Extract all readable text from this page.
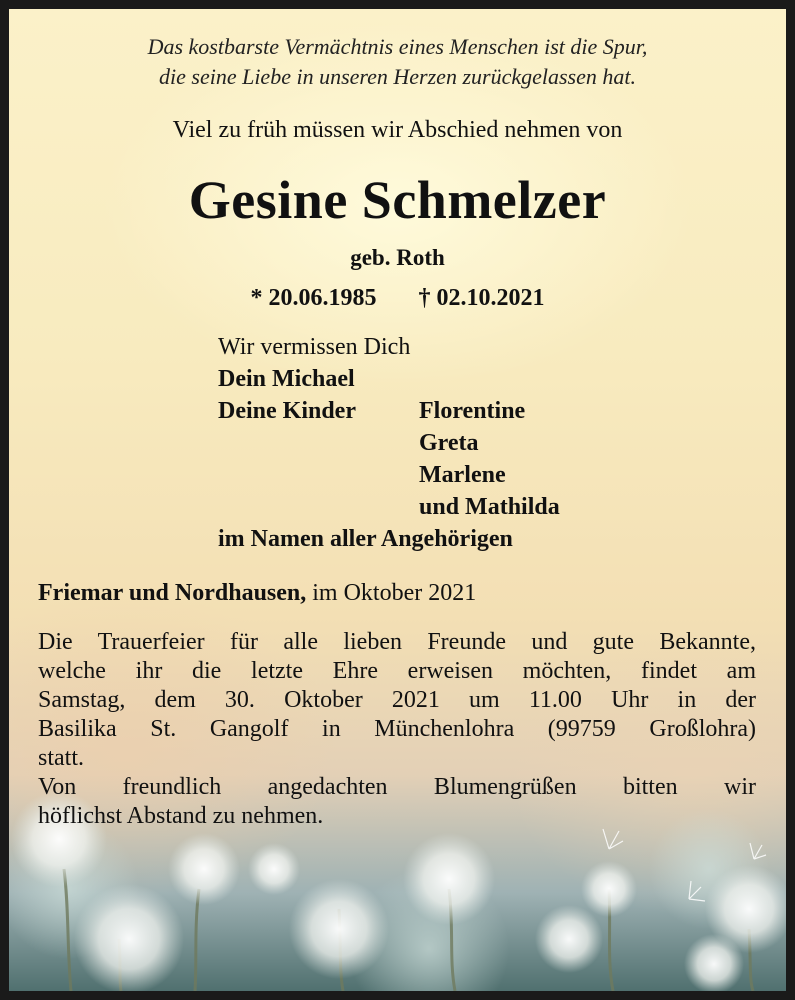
Das kostbarste Vermächtnis eines Menschen ist die Spur,
die seine Liebe in unseren Herzen zurückgelassen hat.
Viel zu früh müssen wir Abschied nehmen von
Gesine Schmelzer
geb. Roth
* 20.06.1985 † 02.10.2021
Wir vermissen Dich
Dein Michael
Deine Kinder	Florentine
Greta
Marlene
und Mathilda
im Namen aller Angehörigen
Friemar und Nordhausen, im Oktober 2021
Die Trauerfeier für alle lieben Freunde und gute Bekannte,
welche ihr die letzte Ehre erweisen möchten, findet am
Samstag, dem 30. Oktober 2021 um 11.00 Uhr in der
Basilika St. Gangolf in Münchenlohra (99759 Großlohra)
statt.
Von freundlich angedachten Blumengrüßen bitten wir
höflichst Abstand zu nehmen.
